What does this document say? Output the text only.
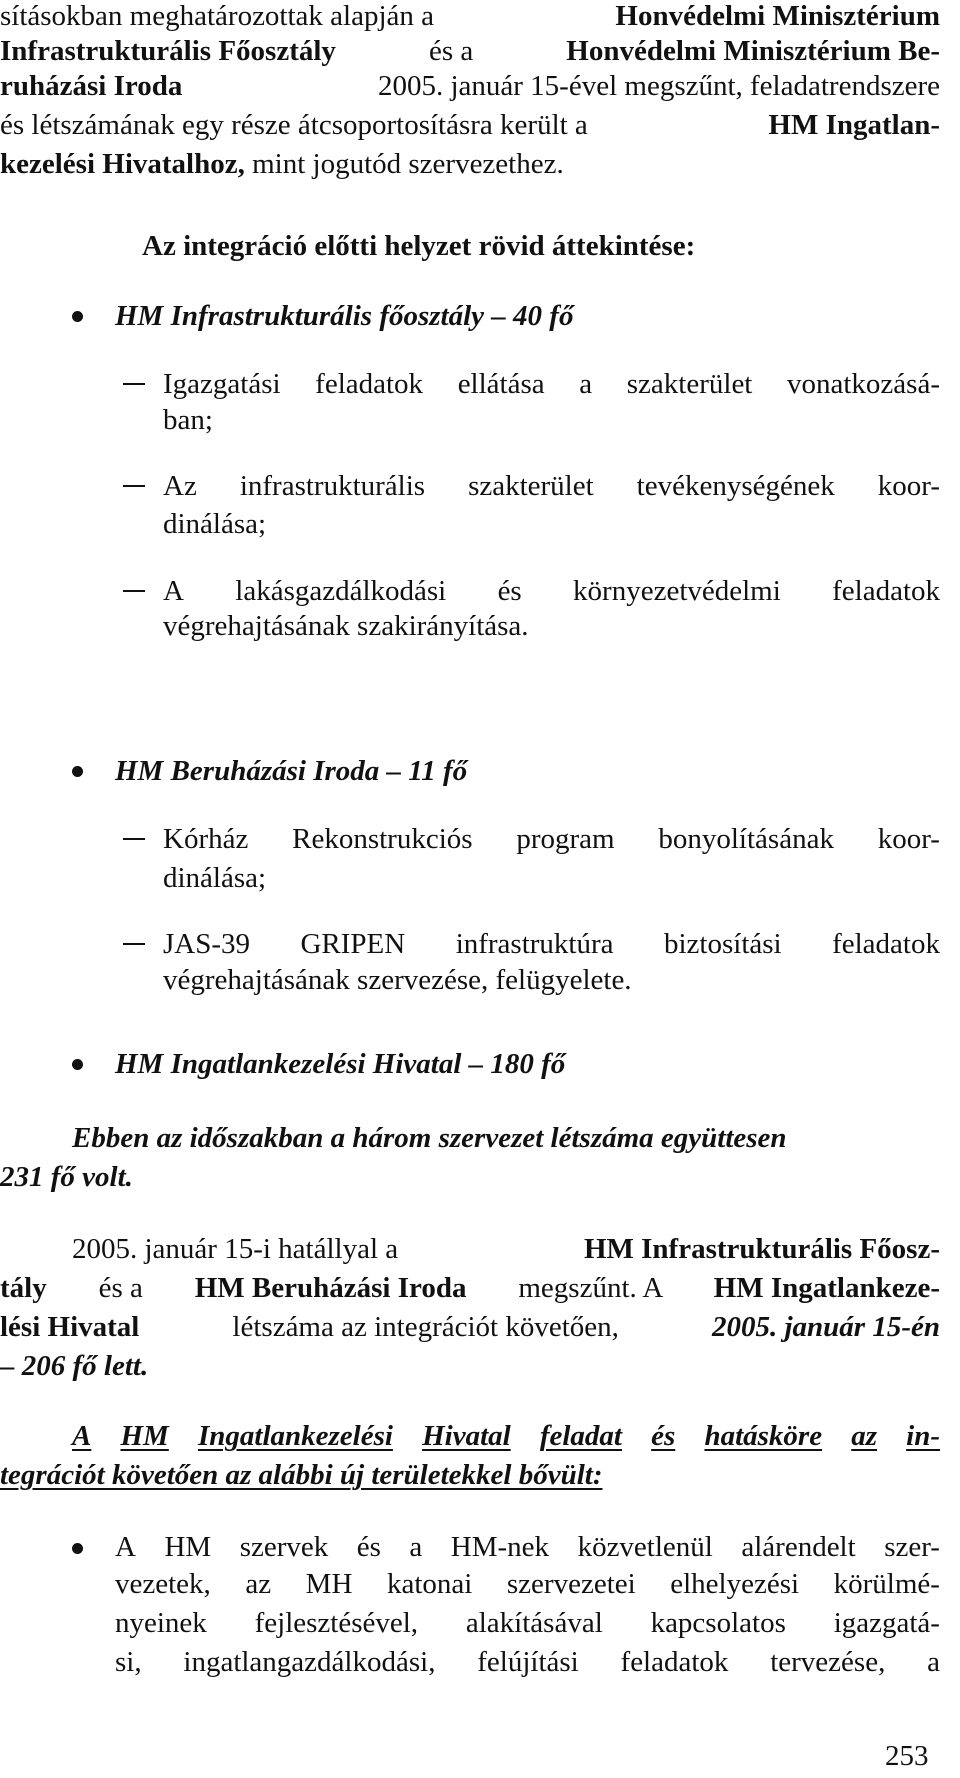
sításokban meghatározottak alapján a	Honvédelmi Minisztérium
Infrastrukturális Főosztály	és a	Honvédelmi Minisztérium Be-
ruházási Iroda	2005. január 15-ével megszűnt, feladatrendszere
és létszámának egy része átcsoportosításra került a	HM Ingatlan-
kezelési Hivatalhoz, mint jogutód szervezethez.
Az integráció előtti helyzet rövid áttekintése:
HM Infrastrukturális főosztály – 40 fő
Igazgatási feladatok ellátása a szakterület vonatkozásá-
ban;
Az infrastrukturális szakterület tevékenységének koor-
dinálása;
A lakásgazdálkodási és környezetvédelmi feladatok
végrehajtásának szakirányítása.
HM Beruházási Iroda – 11 fő
Kórház Rekonstrukciós program bonyolításának koor-
dinálása;
JAS-39 GRIPEN infrastruktúra biztosítási feladatok
végrehajtásának szervezése, felügyelete.
HM Ingatlankezelési Hivatal – 180 fő
Ebben az időszakban a három szervezet létszáma együttesen
231 fő volt.
2005. január 15-i hatállyal a	HM Infrastrukturális Főosz-
tály és a HM Beruházási Iroda megszűnt. A HM Ingatlankeze-
lési Hivatal	létszáma az integrációt követően,	2005. január 15-én
– 206 fő lett.
A HM Ingatlankezelési Hivatal feladat és hatásköre az in-
tegrációt követően az alábbi új területekkel bővült:
A HM szervek és a HM-nek közvetlenül alárendelt szer-
vezetek, az MH katonai szervezetei elhelyezési körülmé-
nyeinek fejlesztésével, alakításával kapcsolatos igazgatá-
si, ingatlangazdálkodási, felújítási feladatok tervezése, a
253
